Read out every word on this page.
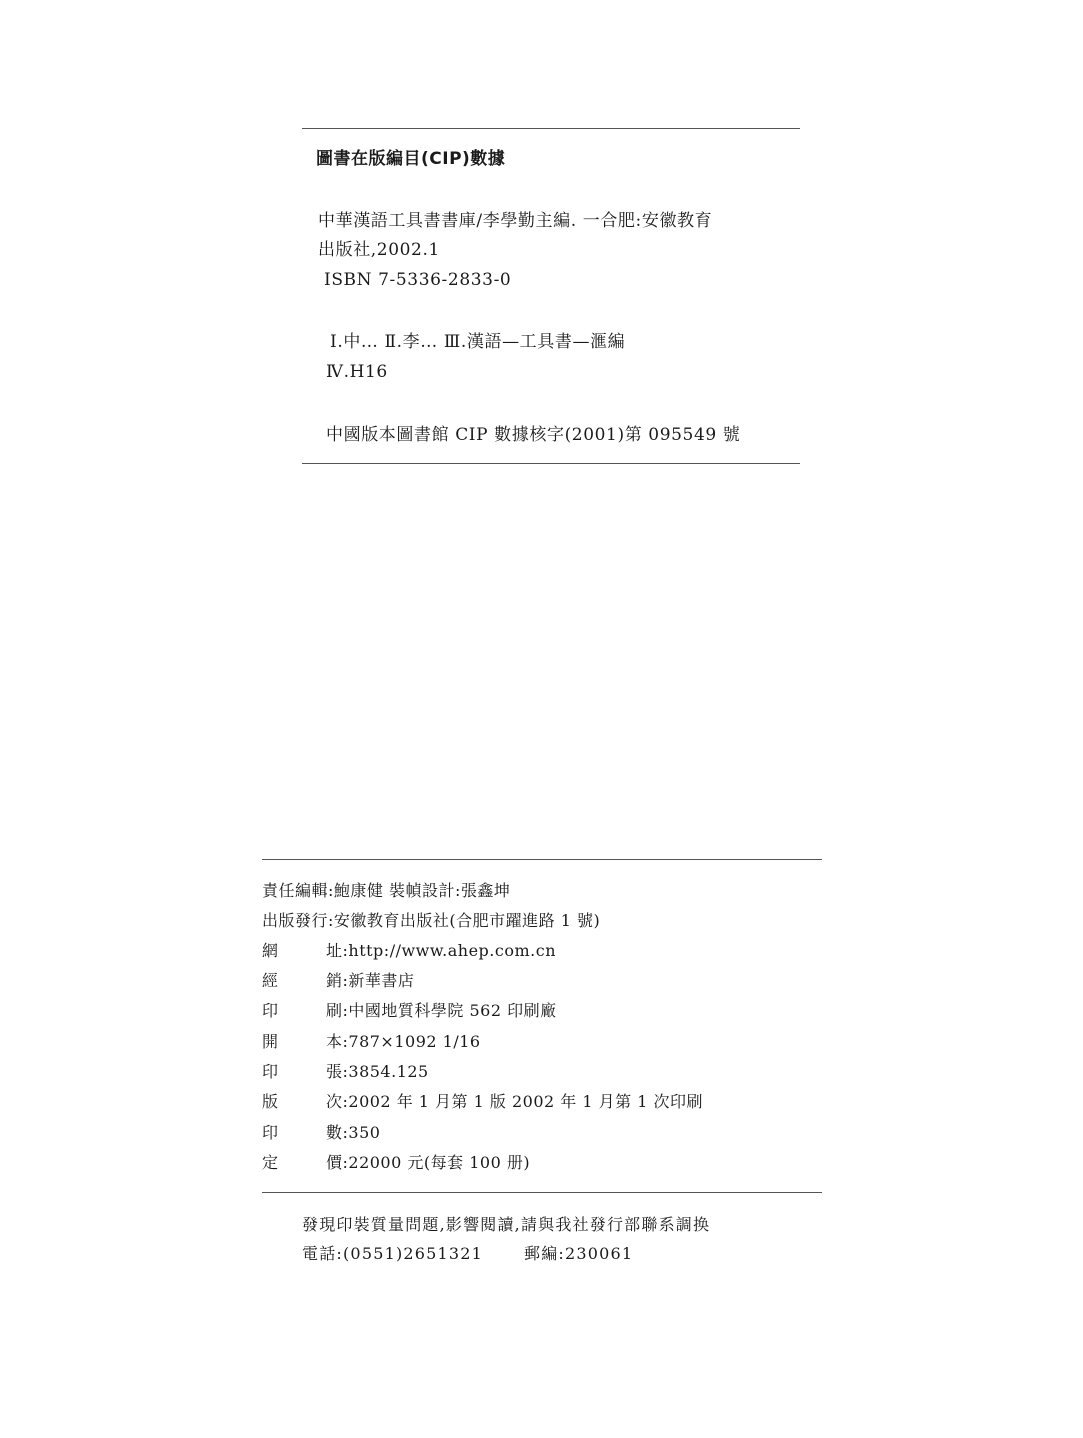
圖書在版編目(CIP)數據
中華漢語工具書書庫/李學勤主編. 一合肥:安徽教育
出版社,2002.1
ISBN 7-5336-2833-0
Ⅰ.中… Ⅱ.李… Ⅲ.漢語—工具書—滙編
Ⅳ.H16
中國版本圖書館 CIP 數據核字(2001)第 095549 號
責任編輯:鮑康健 裝幀設計:張鑫坤
出版發行:安徽教育出版社(合肥市躍進路 1 號)
網	址:http://www.ahep.com.cn
經	銷:新華書店
印	刷:中國地質科學院 562 印刷廠
開	本:787×1092 1/16
印	張:3854.125
版	次:2002 年 1 月第 1 版 2002 年 1 月第 1 次印刷
印	數:350
定	價:22000 元(每套 100 册)
發現印裝質量問題,影響閱讀,請與我社發行部聯系調换
電話:(0551)2651321	郵編:230061
